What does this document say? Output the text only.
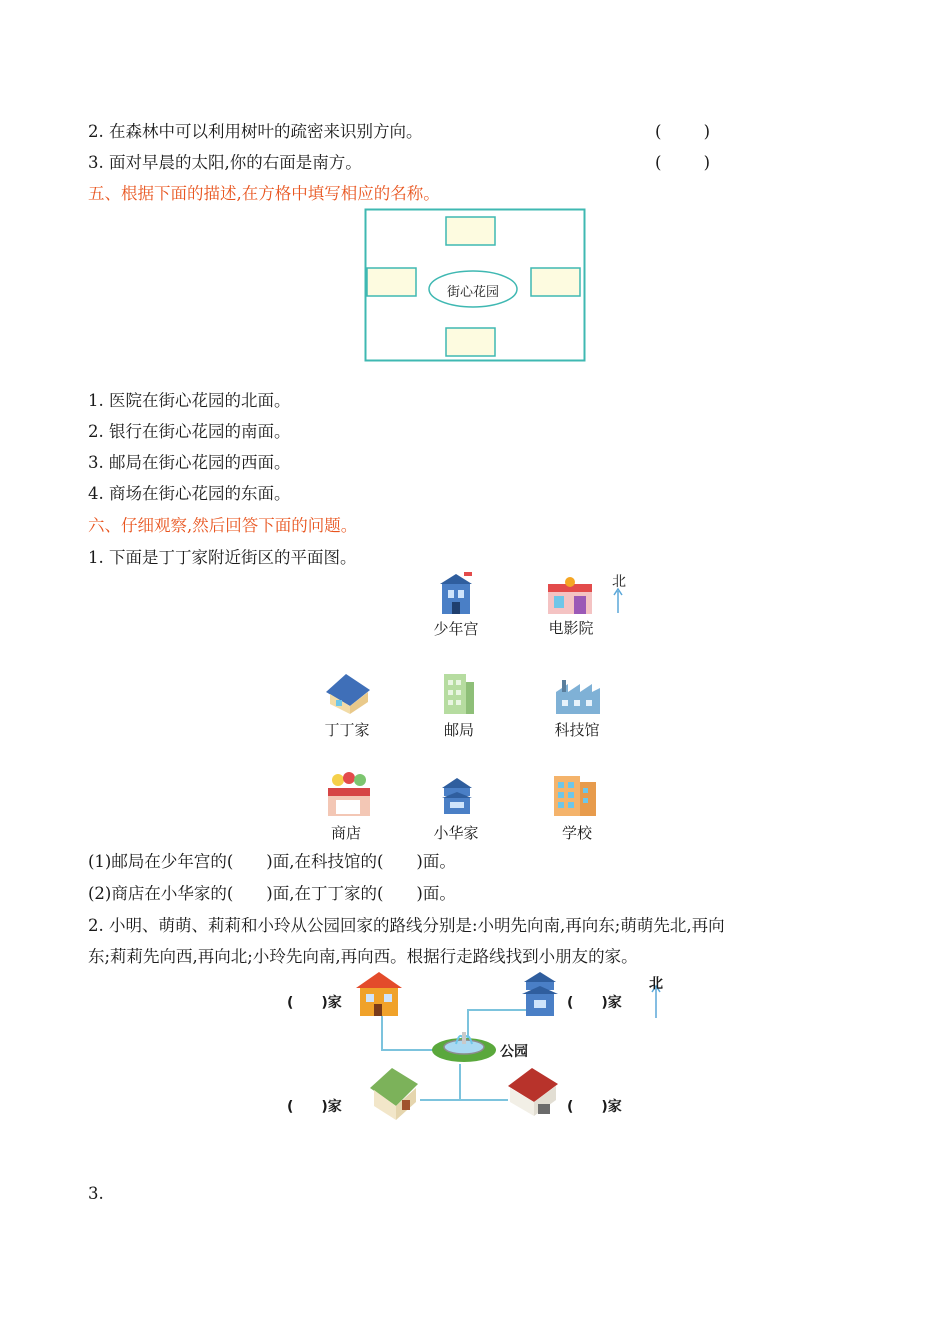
2. 在森林中可以利用树叶的疏密来识别方向。	(	)
3. 面对早晨的太阳,你的右面是南方。	(	)
五、根据下面的描述,在方格中填写相应的名称。
街心花园
1. 医院在街心花园的北面。
2. 银行在街心花园的南面。
3. 邮局在街心花园的西面。
4. 商场在街心花园的东面。
六、仔细观察,然后回答下面的问题。
1. 下面是丁丁家附近街区的平面图。
少年宫	电影院
北
丁丁家	邮局	科技馆
商店	小华家	学校
(1)邮局在少年宫的(　　)面,在科技馆的(　　)面。
(2)商店在小华家的(　　)面,在丁丁家的(　　)面。
2. 小明、萌萌、莉莉和小玲从公园回家的路线分别是:小明先向南,再向东;萌萌先北,再向
东;莉莉先向西,再向北;小玲先向南,再向西。根据行走路线找到小朋友的家。
(　　)家	(　　)家
公园
北
(　　)家	(　　)家
3.
